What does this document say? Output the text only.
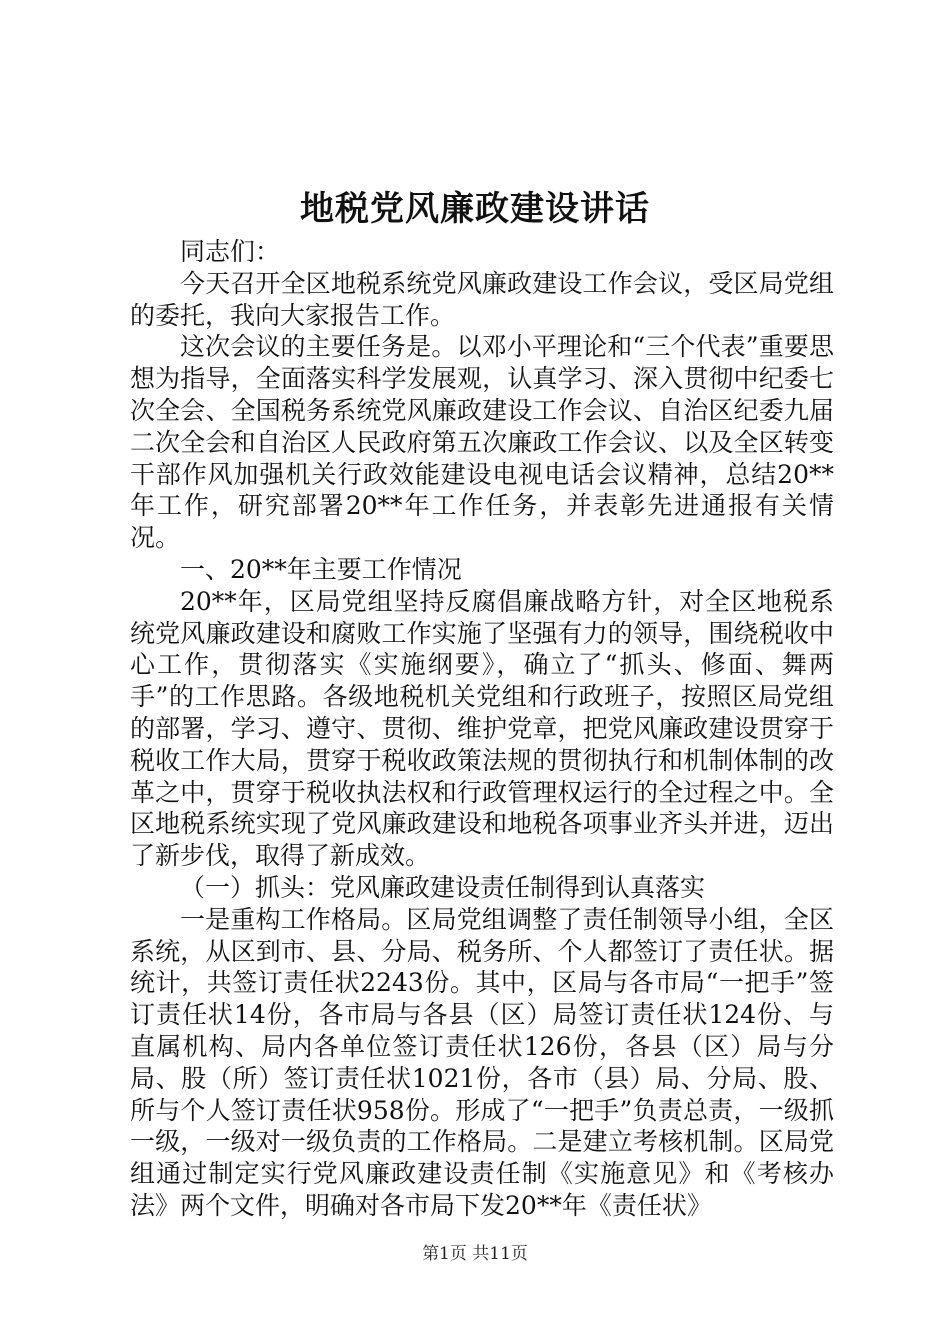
地税党风廉政建设讲话

同志们：

今天召开全区地税系统党风廉政建设工作会议，受区局党组的委托，我向大家报告工作。

这次会议的主要任务是。以邓小平理论和“三个代表”重要思想为指导，全面落实科学发展观，认真学习、深入贯彻中纪委七次全会、全国税务系统党风廉政建设工作会议、自治区纪委九届二次全会和自治区人民政府第五次廉政工作会议、以及全区转变干部作风加强机关行政效能建设电视电话会议精神，总结20**年工作，研究部署20**年工作任务，并表彰先进通报有关情况。

一、20**年主要工作情况

20**年，区局党组坚持反腐倡廉战略方针，对全区地税系统党风廉政建设和腐败工作实施了坚强有力的领导，围绕税收中心工作，贯彻落实《实施纲要》，确立了“抓头、修面、舞两手”的工作思路。各级地税机关党组和行政班子，按照区局党组的部署，学习、遵守、贯彻、维护党章，把党风廉政建设贯穿于税收工作大局，贯穿于税收政策法规的贯彻执行和机制体制的改革之中，贯穿于税收执法权和行政管理权运行的全过程之中。全区地税系统实现了党风廉政建设和地税各项事业齐头并进，迈出了新步伐，取得了新成效。

（一）抓头：党风廉政建设责任制得到认真落实

一是重构工作格局。区局党组调整了责任制领导小组，全区系统，从区到市、县、分局、税务所、个人都签订了责任状。据统计，共签订责任状2243份。其中，区局与各市局“一把手”签订责任状14份，各市局与各县（区）局签订责任状124份、与直属机构、局内各单位签订责任状126份，各县（区）局与分局、股（所）签订责任状1021份，各市（县）局、分局、股、所与个人签订责任状958份。形成了“一把手”负责总责，一级抓一级，一级对一级负责的工作格局。二是建立考核机制。区局党组通过制定实行党风廉政建设责任制《实施意见》和《考核办法》两个文件，明确对各市局下发20**年《责任状》

第1页 共11页
